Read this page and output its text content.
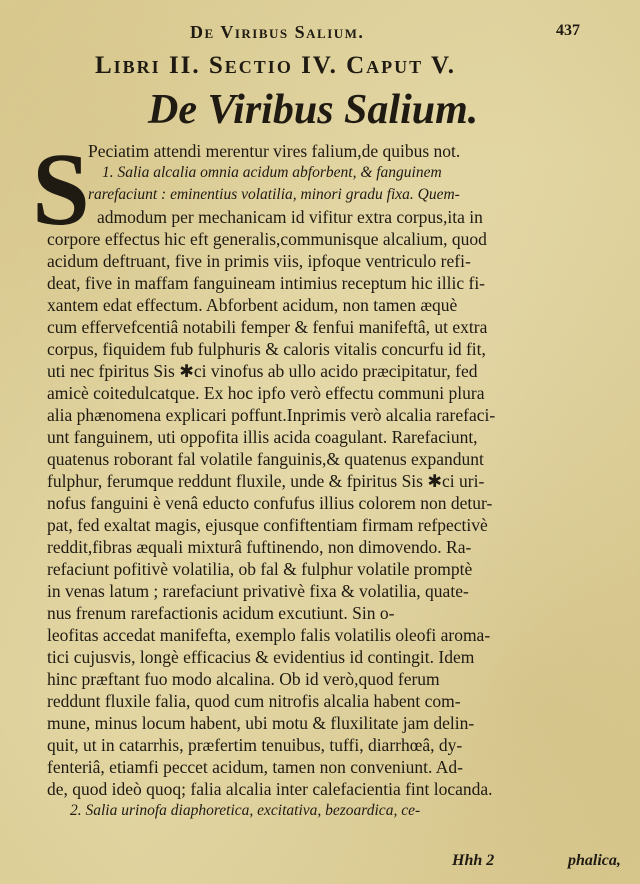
De Viribus Salium.	437
Libri II. Sectio IV. Caput V.
De Viribus Salium.
S
Peciatim attendi merentur vires falium,de quibus not.
1. Salia alcalia omnia acidum abforbent, & fanguinem
rarefaciunt : eminentius volatilia, minori gradu fixa. Quem-
admodum per mechanicam id vifitur extra corpus,ita in
corpore effectus hic eft generalis,communisque alcalium, quod
acidum deftruant, five in primis viis, ipfoque ventriculo refi-
deat, five in maffam fanguineam intimius receptum hic illic fi-
xantem edat effectum. Abforbent acidum, non tamen æquè
cum effervefcentiâ notabili femper & fenfui manifeftâ, ut extra
corpus, fiquidem fub fulphuris & caloris vitalis concurfu id fit,
uti nec fpiritus Sis ✱ci vinofus ab ullo acido præcipitatur, fed
amicè coitedulcatque. Ex hoc ipfo verò effectu communi plura
alia phænomena explicari poffunt.Inprimis verò alcalia rarefaci-
unt fanguinem, uti oppofita illis acida coagulant. Rarefaciunt,
quatenus roborant fal volatile fanguinis,& quatenus expandunt
fulphur, ferumque reddunt fluxile, unde & fpiritus Sis ✱ci uri-
nofus fanguini è venâ educto confufus illius colorem non detur-
pat, fed exaltat magis, ejusque confiftentiam firmam refpectivè
reddit,fibras æquali mixturâ fuftinendo, non dimovendo. Ra-
refaciunt pofitivè volatilia, ob fal & fulphur volatile promptè
in venas latum ; rarefaciunt privativè fixa & volatilia, quate-
nus frenum rarefactionis acidum excutiunt. Sin o-
leofitas accedat manifefta, exemplo falis volatilis oleofi aroma-
tici cujusvis, longè efficacius & evidentius id contingit. Idem
hinc præftant fuo modo alcalina. Ob id verò,quod ferum
reddunt fluxile falia, quod cum nitrofis alcalia habent com-
mune, minus locum habent, ubi motu & fluxilitate jam delin-
quit, ut in catarrhis, præfertim tenuibus, tuffi, diarrhœâ, dy-
fenteriâ, etiamfi peccet acidum, tamen non conveniunt. Ad-
de, quod ideò quoq; falia alcalia inter calefacientia fint locanda.
2. Salia urinofa diaphoretica, excitativa, bezoardica, ce-
Hhh 2	phalica,
